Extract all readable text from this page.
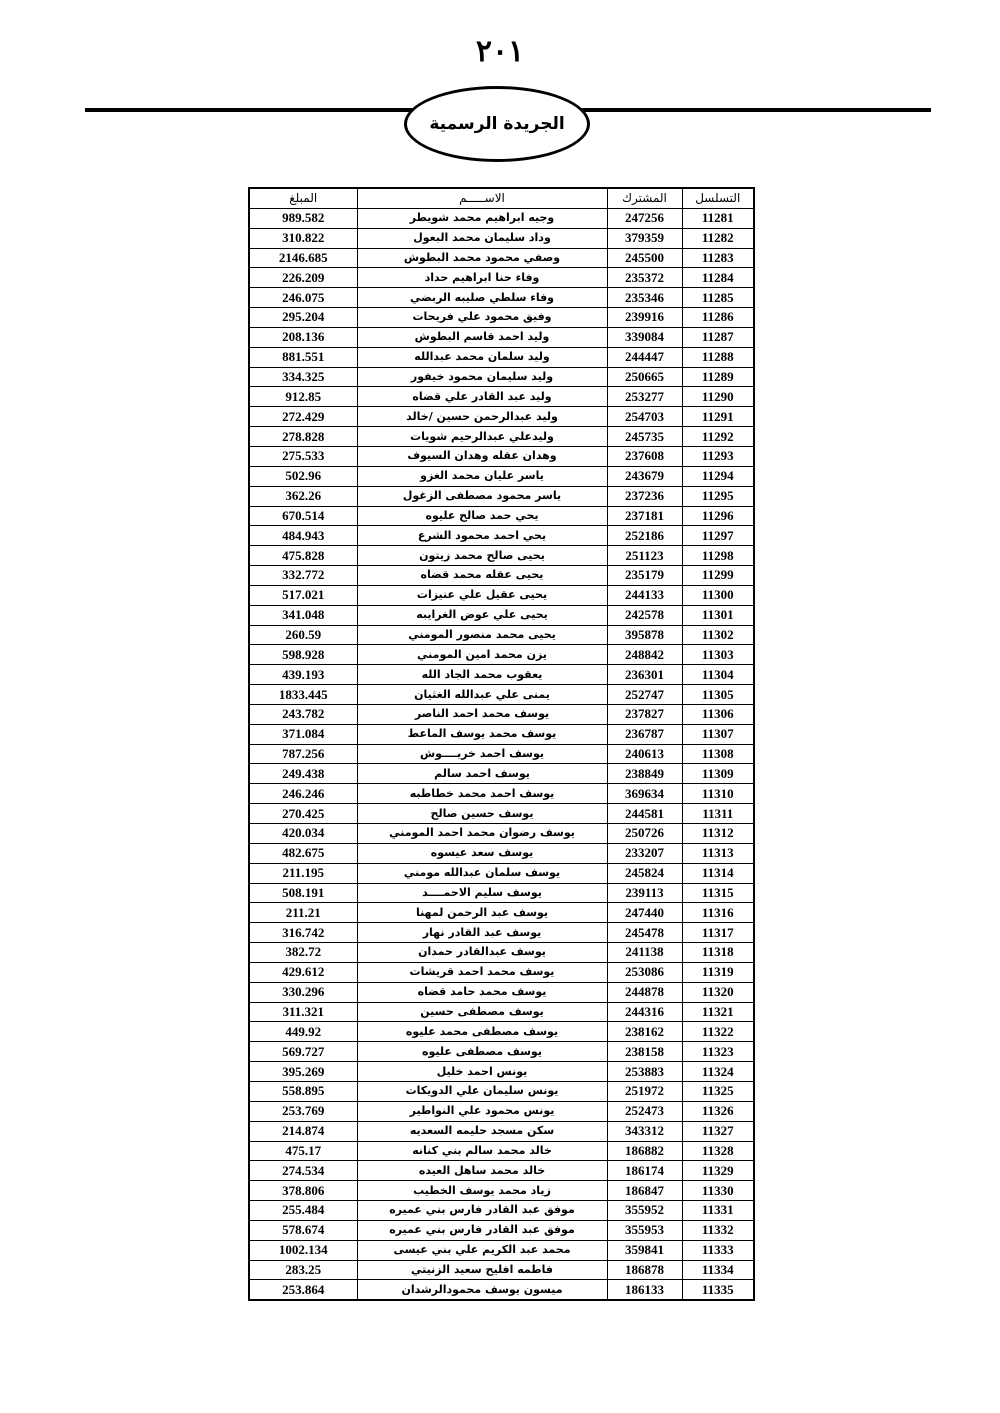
٢٠١
الجريدة الرسمية
التسلسل	المشترك	الاســـــم	المبلغ
11281	247256	وجيه ابراهيم محمد شويطر	989.582
11282	379359	وداد سليمان محمد البعول	310.822
11283	245500	وصفي محمود محمد البطوش	2146.685
11284	235372	وفاء حنا ابراهيم حداد	226.209
11285	235346	وفاء سلطي صليبه الربضي	246.075
11286	239916	وفيق محمود علي فريحات	295.204
11287	339084	وليد احمد قاسم البطوش	208.136
11288	244447	وليد سلمان محمد عبدالله	881.551
11289	250665	وليد سليمان محمود خيفور	334.325
11290	253277	وليد عبد القادر علي قضاه	912.85
11291	254703	وليد عبدالرحمن حسين /خالد	272.429
11292	245735	وليدعلي عبدالرحيم شويات	278.828
11293	237608	وهدان عقله وهدان السيوف	275.533
11294	243679	ياسر عليان محمد الغزو	502.96
11295	237236	ياسر محمود مصطفى الزغول	362.26
11296	237181	يحي حمد صالح عليوه	670.514
11297	252186	يحي احمد محمود الشرع	484.943
11298	251123	يحيى صالح محمد زيتون	475.828
11299	235179	يحيى عقله محمد قضاه	332.772
11300	244133	يحيى عقيل علي عنيزات	517.021
11301	242578	يحيى علي عوض الغرايبه	341.048
11302	395878	يحيى محمد منصور المومني	260.59
11303	248842	يزن محمد امين المومني	598.928
11304	236301	يعقوب محمد الجاد الله	439.193
11305	252747	يمنى علي عبدالله الغثيان	1833.445
11306	237827	يوسف محمد احمد الناصر	243.782
11307	236787	يوسف محمد يوسف الماعط	371.084
11308	240613	يوسف احمد خريــــوش	787.256
11309	238849	يوسف احمد سالم	249.438
11310	369634	يوسف احمد محمد خطاطبه	246.246
11311	244581	يوسف حسين صالح	270.425
11312	250726	يوسف رضوان محمد احمد المومني	420.034
11313	233207	يوسف سعد عيسوه	482.675
11314	245824	يوسف سلمان عبدالله مومني	211.195
11315	239113	يوسف سليم الاحمــــد	508.191
11316	247440	يوسف عبد الرحمن لمهنا	211.21
11317	245478	يوسف عبد القادر نهار	316.742
11318	241138	يوسف عبدالقادر حمدان	382.72
11319	253086	يوسف محمد احمد قريشات	429.612
11320	244878	يوسف محمد حامد قضاه	330.296
11321	244316	يوسف مصطفى حسين	311.321
11322	238162	يوسف مصطفى محمد عليوه	449.92
11323	238158	يوسف مصطفى عليوه	569.727
11324	253883	يونس احمد خليل	395.269
11325	251972	يونس سليمان علي الدويكات	558.895
11326	252473	يونس محمود علي النواطير	253.769
11327	343312	سكن مسجد حليمه السعديه	214.874
11328	186882	خالد محمد سالم بني كنانه	475.17
11329	186174	خالد محمد ساهل العيده	274.534
11330	186847	زياد محمد يوسف الخطيب	378.806
11331	355952	موفق عبد القادر فارس بني عميره	255.484
11332	355953	موفق عبد القادر فارس بني عميره	578.674
11333	359841	محمد عبد الكريم علي بني عيسى	1002.134
11334	186878	فاطمه افليح سعيد الزنيتي	283.25
11335	186133	ميسون يوسف محمودالرشدان	253.864
